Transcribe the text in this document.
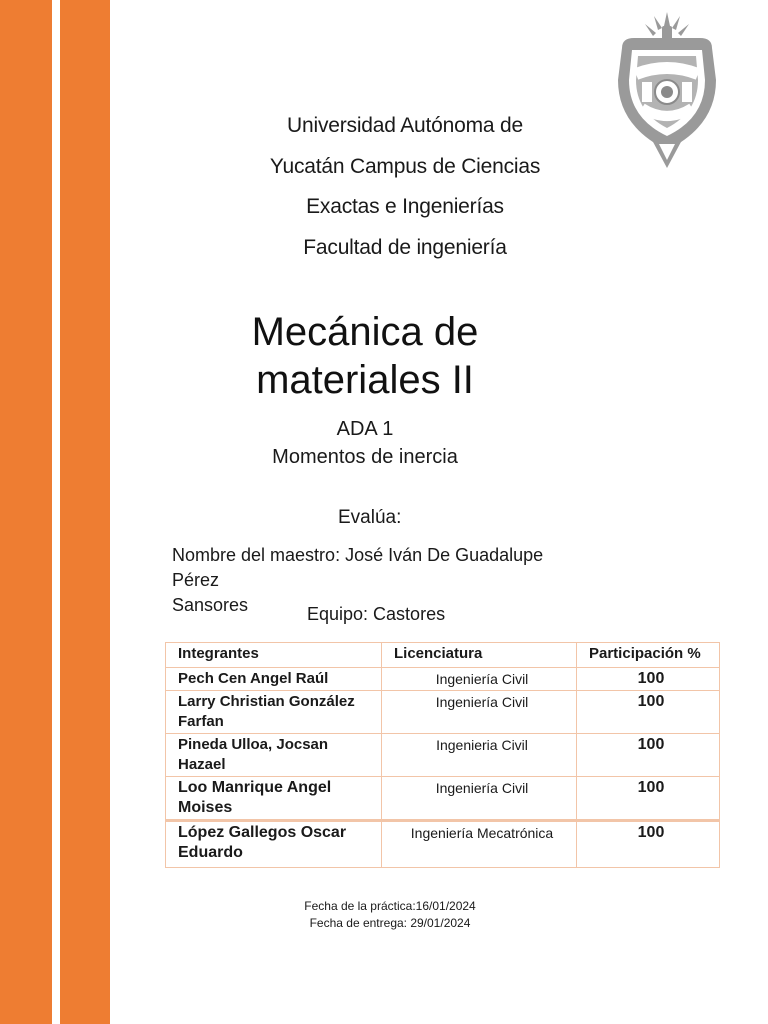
Universidad Autónoma de
Yucatán Campus de Ciencias
Exactas e Ingenierías
Facultad de ingeniería
Mecánica de
materiales II
ADA 1
Momentos de inercia
Evalúa:
Nombre del maestro: José Iván De Guadalupe Pérez
Sansores	Equipo: Castores
Integrantes	Licenciatura	Participación %
Pech Cen Angel Raúl	Ingeniería Civil	100
Larry Christian González Farfan	Ingeniería Civil	100
Pineda Ulloa, Jocsan Hazael	Ingenieria Civil	100
Loo Manrique Angel Moises	Ingeniería Civil	100
López Gallegos Oscar Eduardo	Ingeniería Mecatrónica	100
Fecha de la práctica:16/01/2024
Fecha de entrega: 29/01/2024
